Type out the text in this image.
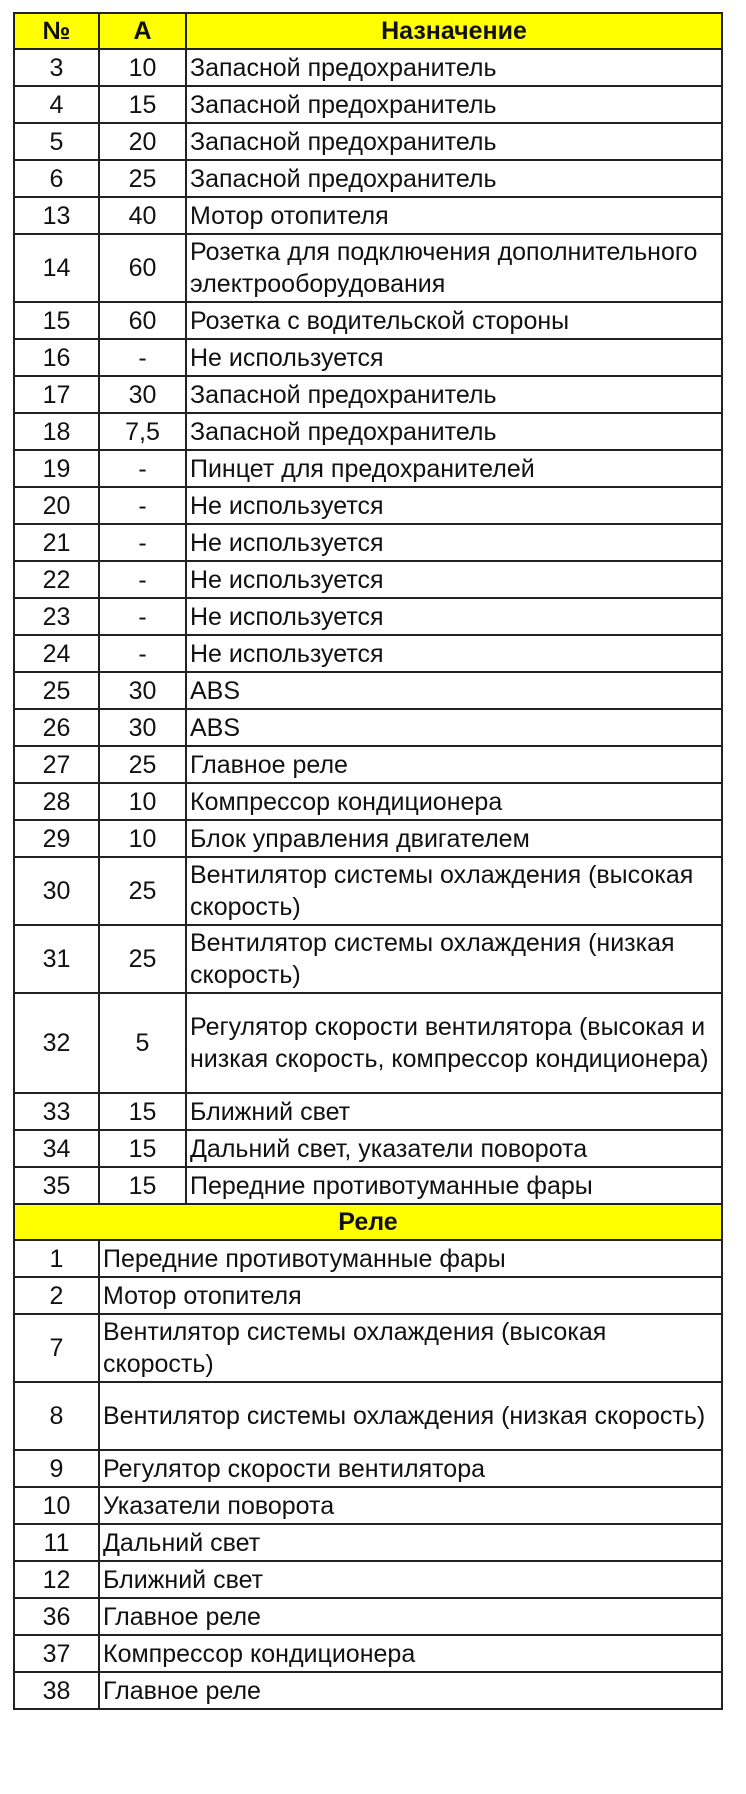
№	А	Назначение
3	10	Запасной предохранитель
4	15	Запасной предохранитель
5	20	Запасной предохранитель
6	25	Запасной предохранитель
13	40	Мотор отопителя
14	60	Розетка для подключения дополнительного электрооборудования
15	60	Розетка с водительской стороны
16	-	Не используется
17	30	Запасной предохранитель
18	7,5	Запасной предохранитель
19	-	Пинцет для предохранителей
20	-	Не используется
21	-	Не используется
22	-	Не используется
23	-	Не используется
24	-	Не используется
25	30	ABS
26	30	ABS
27	25	Главное реле
28	10	Компрессор кондиционера
29	10	Блок управления двигателем
30	25	Вентилятор системы охлаждения (высокая скорость)
31	25	Вентилятор системы охлаждения (низкая скорость)
32	5	Регулятор скорости вентилятора (высокая и низкая скорость, компрессор кондиционера)
33	15	Ближний свет
34	15	Дальний свет, указатели поворота
35	15	Передние противотуманные фары
Реле		
1	Передние противотуманные фары	
2	Мотор отопителя	
7	Вентилятор системы охлаждения (высокая скорость)	
8	Вентилятор системы охлаждения (низкая скорость)	
9	Регулятор скорости вентилятора	
10	Указатели поворота	
11	Дальний свет	
12	Ближний свет	
36	Главное реле	
37	Компрессор кондиционера	
38	Главное реле	
